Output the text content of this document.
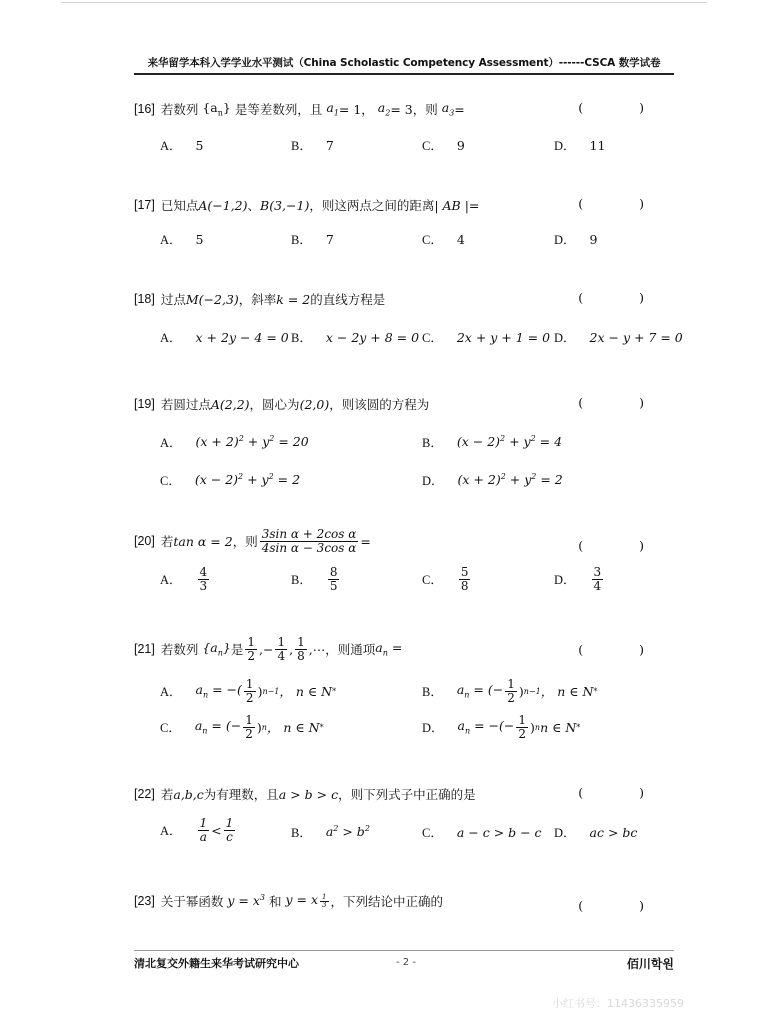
来华留学本科入学学业水平测试（China Scholastic Competency Assessment）------CSCA 数学试卷
[16] 若数列 $\{a_n\}$ 是等差数列，且 $a_1 = 1$， $a_2 = 3$，则 $a_3$ =	( )
A． 5	B． 7	C． 9	D． 11
[17] 已知点 A(−1,2) 、 B(3,−1) ，则这两点之间的距离 | AB |=	( )
A． 5	B． 7	C． 4	D． 9
[18] 过点 M(−2,3) ，斜率 k = 2 的直线方程是	( )
A． x + 2y − 4 = 0 B． x − 2y + 8 = 0 C． 2x + y + 1 = 0 D． 2x − y + 7 = 0
[19] 若圆过点 A(2,2) ，圆心为 (2,0) ，则该圆的方程为	( )
A． $(x + 2)^2 + y^2 = 20$	B． $(x - 2)^2 + y^2 = 4$
C． $(x - 2)^2 + y^2 = 2$	D． $(x + 2)^2 + y^2 = 2$
[20] 若 tan α = 2 ，则 $\frac{\text{3sin α + 2cos α}}{\text{4sin α − 3cos α}}$ =	( )
A． $\frac{4}{3}$	B． $\frac{8}{5}$	C． $\frac{5}{8}$	D． $\frac{3}{4}$
[21] 若数列 $\{a_n\}$ 是 $\frac{1}{2}$ ,− $\frac{1}{4}$ , $\frac{1}{8}$ ,⋯ ，则通项 $a_n$ =	( )
A． $a_n$ = −( $\frac{1}{2}$ ) n−1 ， n ∈ N *	B． $a_n$ = (− $\frac{1}{2}$ ) n−1 ， n ∈ N *
C． $a_n$ = (− $\frac{1}{2}$ ) n ， n ∈ N *	D． $a_n$ = −(− $\frac{1}{2}$ ) n n ∈ N *
[22] 若 a,b,c 为有理数，且 a > b > c ，则下列式子中正确的是	( )
A． $\frac{1}{a} < \frac{1}{c}$	B． $a^2 > b^2$	C． a − c > b − c D． ac > bc
[23] 关于幂函数 $y = x^3$ 和 y = x $\frac{1}{3}$ ，下列结论中正确的	( )
清北复交外籍生来华考试研究中心	- 2 -	佰川학원
小红书号：11436335959
